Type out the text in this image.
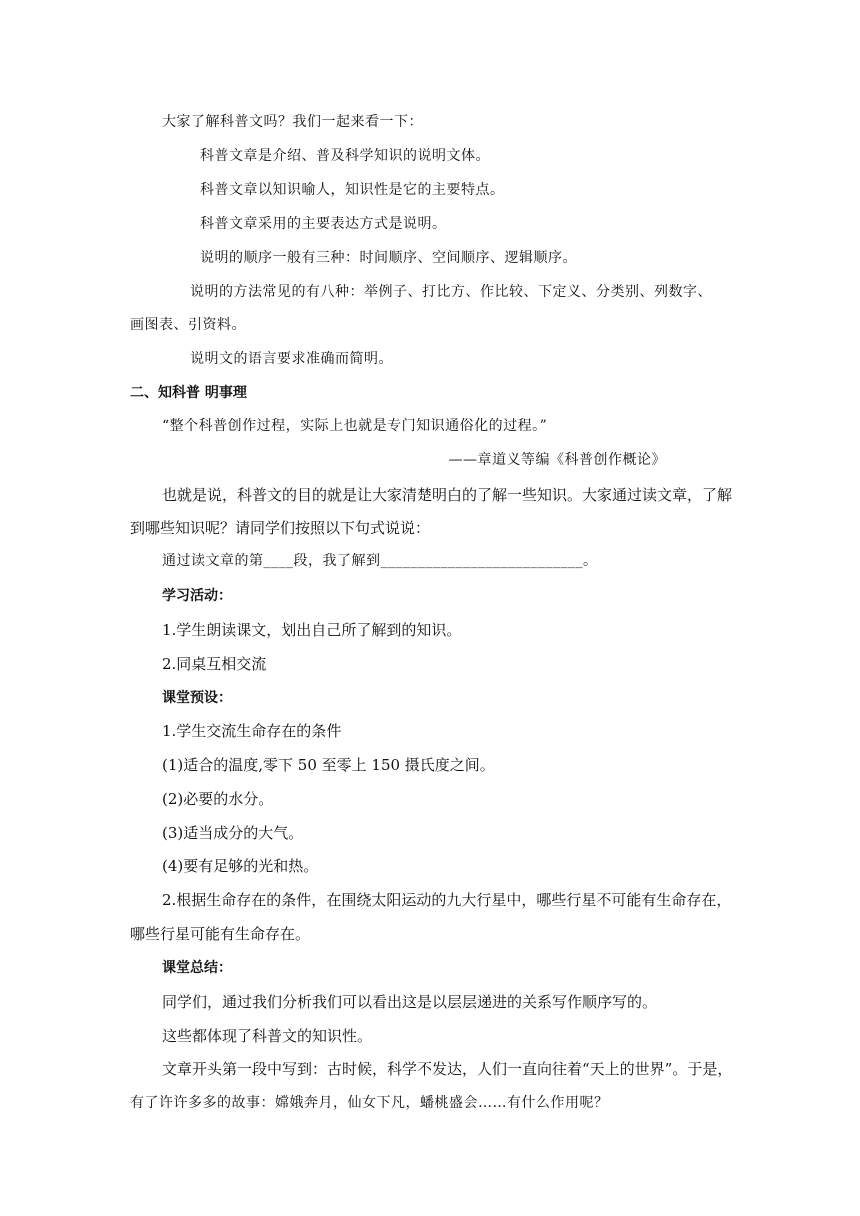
大家了解科普文吗？我们一起来看一下：
科普文章是介绍、普及科学知识的说明文体。
科普文章以知识喻人，知识性是它的主要特点。
科普文章采用的主要表达方式是说明。
说明的顺序一般有三种：时间顺序、空间顺序、逻辑顺序。
说明的方法常见的有八种：举例子、打比方、作比较、下定义、分类别、列数字、
画图表、引资料。
说明文的语言要求准确而简明。
二、知科普 明事理
“整个科普创作过程，实际上也就是专门知识通俗化的过程。”
——章道义等编《科普创作概论》
也就是说，科普文的目的就是让大家清楚明白的了解一些知识。大家通过读文章，了解
到哪些知识呢？请同学们按照以下句式说说：
通过读文章的第____段，我了解到___________________________。
学习活动：
1.学生朗读课文，划出自己所了解到的知识。
2.同桌互相交流
课堂预设：
1.学生交流生命存在的条件
(1)适合的温度,零下 50 至零上 150 摄氏度之间。
(2)必要的水分。
(3)适当成分的大气。
(4)要有足够的光和热。
2.根据生命存在的条件，在围绕太阳运动的九大行星中，哪些行星不可能有生命存在，
哪些行星可能有生命存在。
课堂总结：
同学们，通过我们分析我们可以看出这是以层层递进的关系写作顺序写的。
这些都体现了科普文的知识性。
文章开头第一段中写到：古时候，科学不发达，人们一直向往着“天上的世界”。于是，
有了许许多多的故事：嫦娥奔月，仙女下凡，蟠桃盛会……有什么作用呢？
